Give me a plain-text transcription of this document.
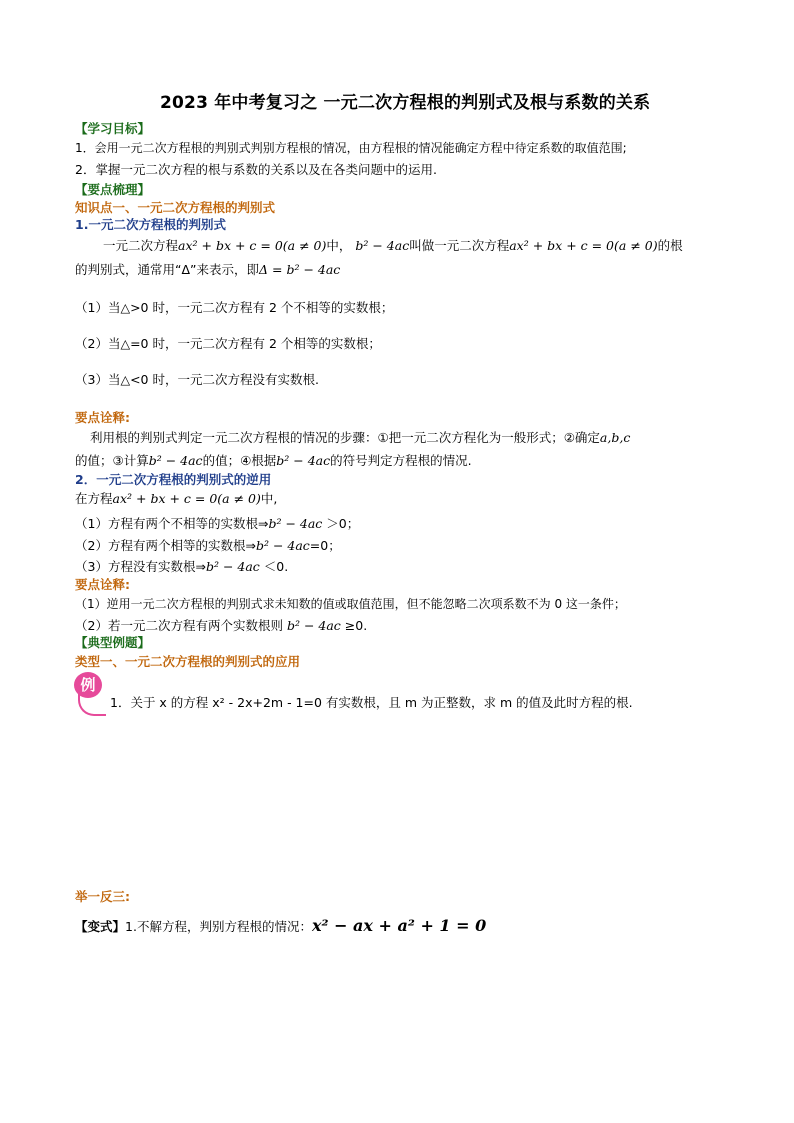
2023 年中考复习之 一元二次方程根的判别式及根与系数的关系
【学习目标】
1．会用一元二次方程根的判别式判别方程根的情况，由方程根的情况能确定方程中待定系数的取值范围;
2．掌握一元二次方程的根与系数的关系以及在各类问题中的运用.
【要点梳理】
知识点一、一元二次方程根的判别式
1.一元二次方程根的判别式
一元二次方程ax² + bx + c = 0(a ≠ 0)中， b² − 4ac叫做一元二次方程ax² + bx + c = 0(a ≠ 0)的根
的判别式，通常用“Δ”来表示，即Δ = b² − 4ac
（1）当△>0 时，一元二次方程有 2 个不相等的实数根；
（2）当△=0 时，一元二次方程有 2 个相等的实数根；
（3）当△<0 时，一元二次方程没有实数根.
要点诠释:
利用根的判别式判定一元二次方程根的情况的步骤：①把一元二次方程化为一般形式；②确定a,b,c
的值；③计算b² − 4ac的值；④根据b² − 4ac的符号判定方程根的情况.
2．一元二次方程根的判别式的逆用
在方程ax² + bx + c = 0(a ≠ 0)中,
（1）方程有两个不相等的实数根⇒b² − 4ac ＞0；
（2）方程有两个相等的实数根⇒b² − 4ac=0；
（3）方程没有实数根⇒b² − 4ac ＜0.
要点诠释:
（1）逆用一元二次方程根的判别式求未知数的值或取值范围，但不能忽略二次项系数不为 0 这一条件；
（2）若一元二次方程有两个实数根则 b² − 4ac ≥0.
【典型例题】
类型一、一元二次方程根的判别式的应用
例
1．关于 x 的方程 x² - 2x+2m - 1=0 有实数根，且 m 为正整数，求 m 的值及此时方程的根.
举一反三:
【变式】1.不解方程，判别方程根的情况：x² − ax + a² + 1 = 0
